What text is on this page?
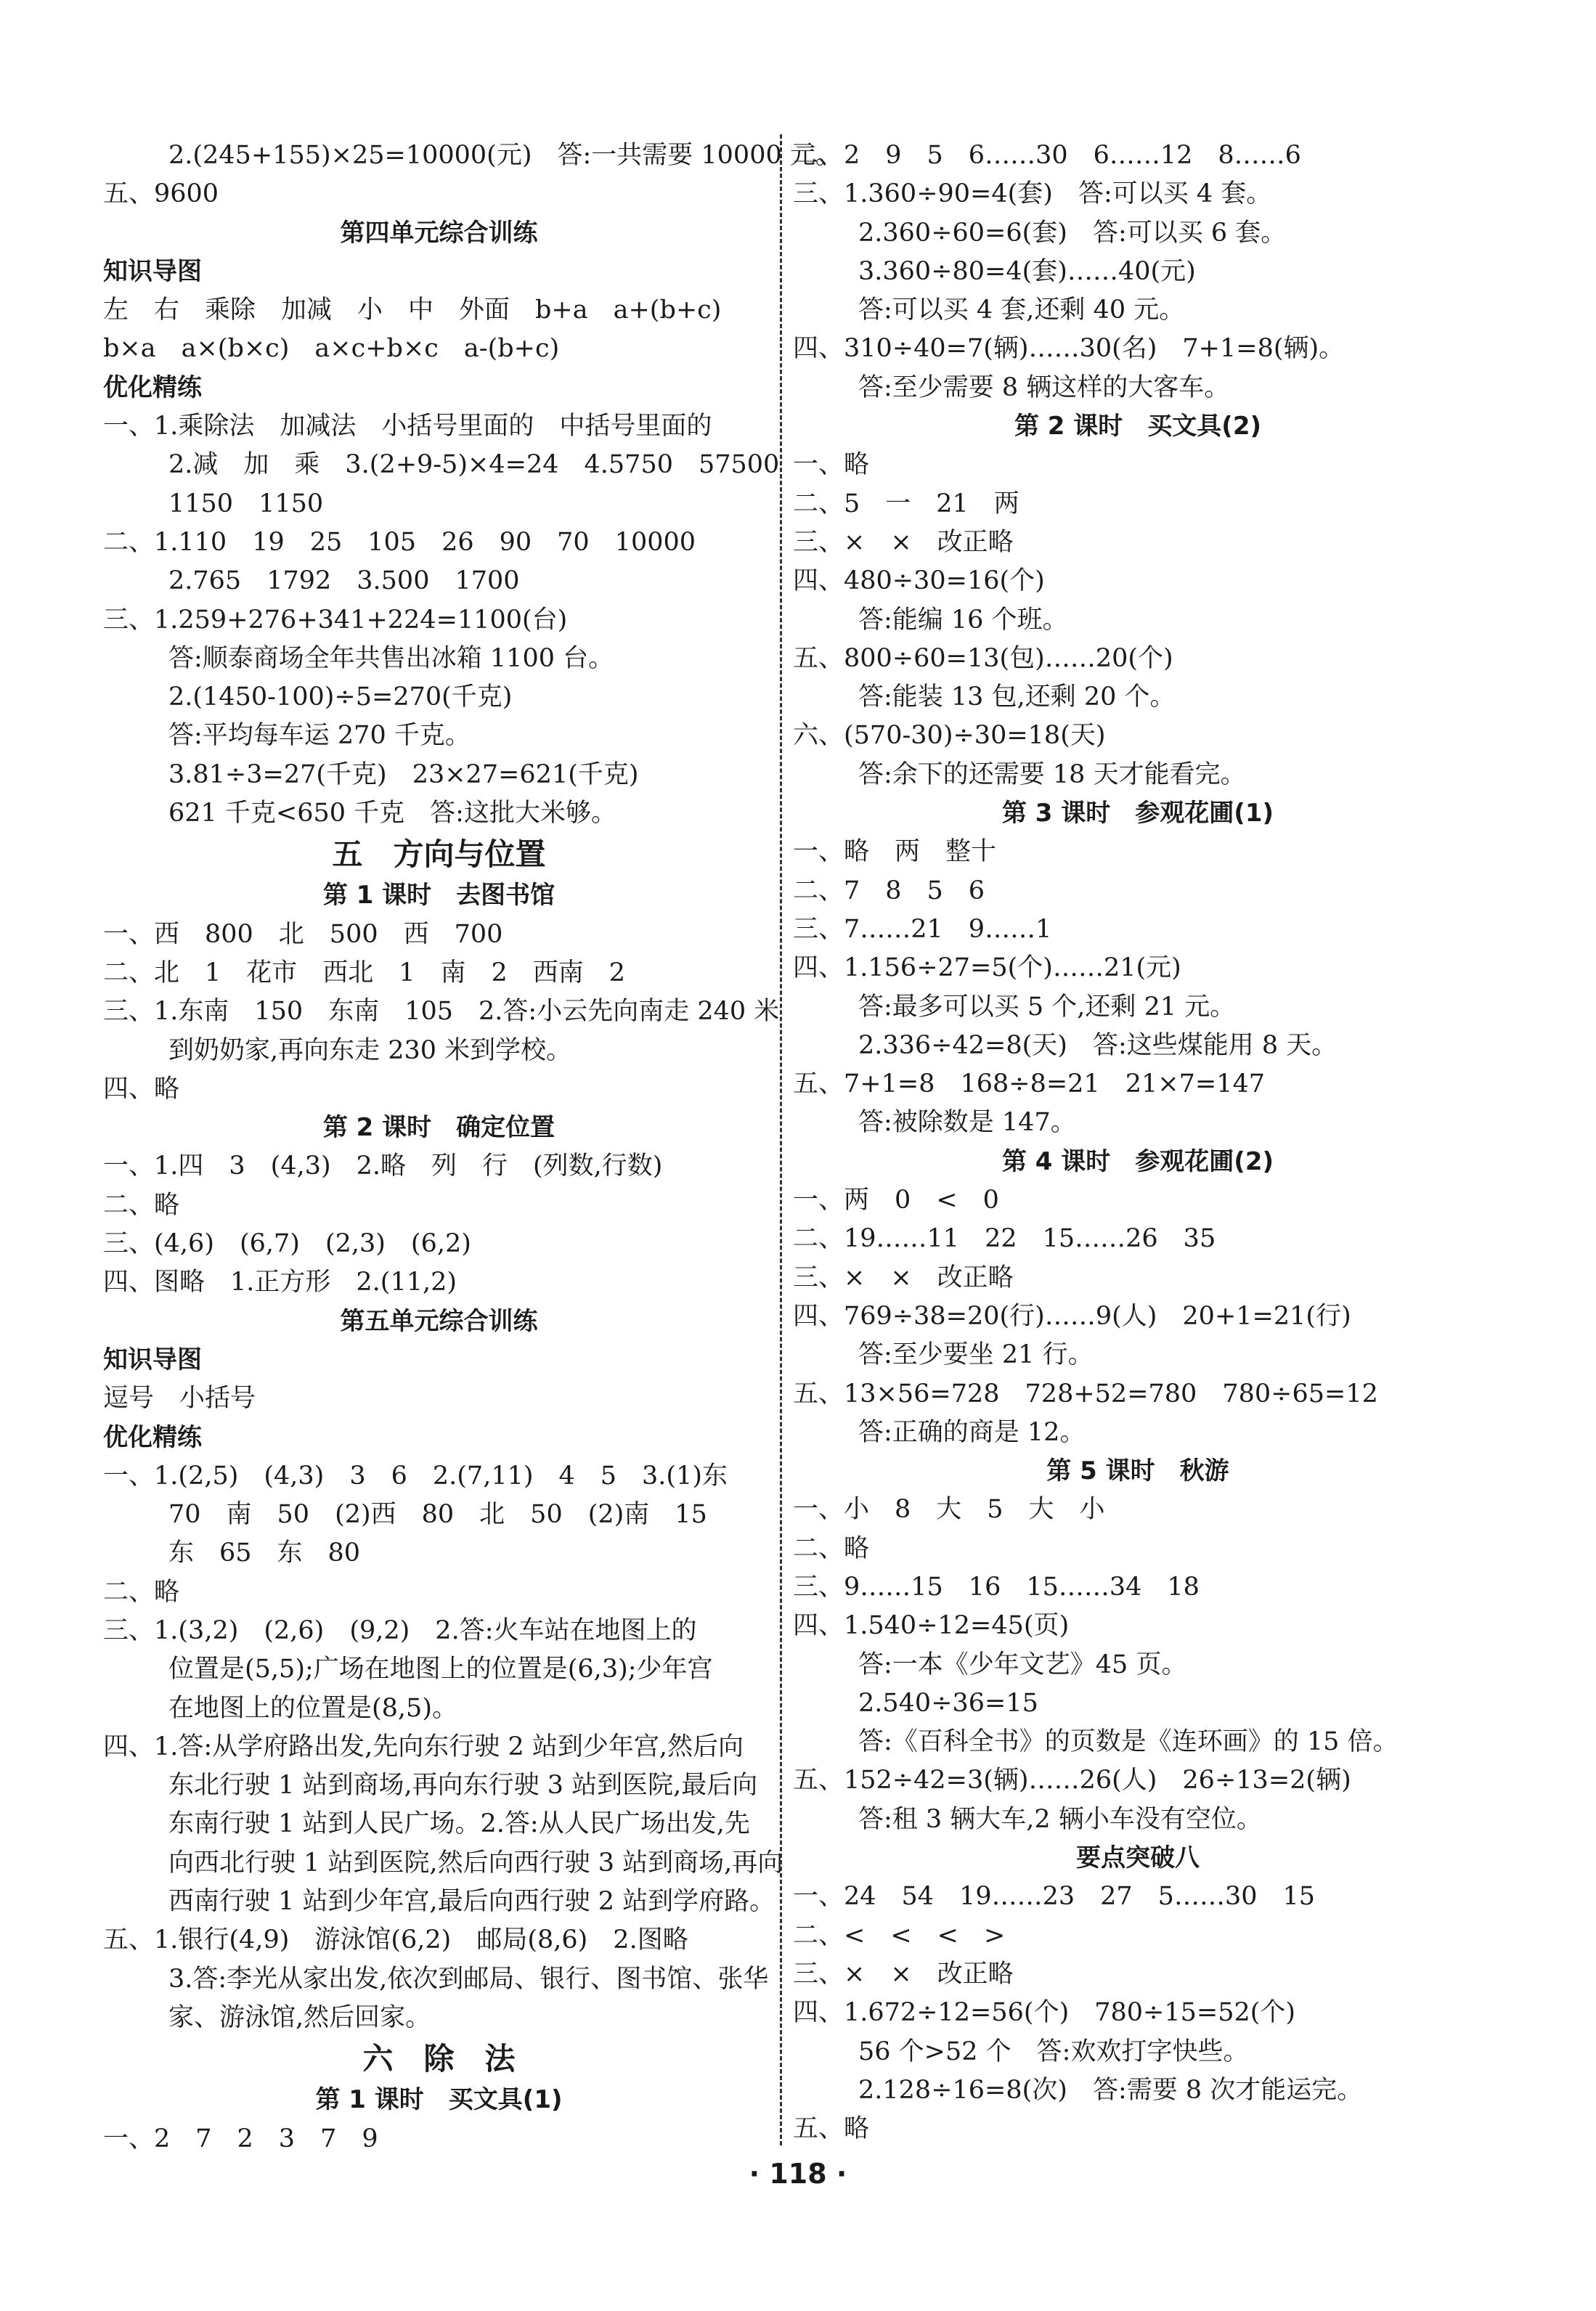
2.(245+155)×25=10000(元)　答:一共需要 10000 元。
五、9600
第四单元综合训练
知识导图
左　右　乘除　加减　小　中　外面　b+a　a+(b+c)
b×a　a×(b×c)　a×c+b×c　a-(b+c)
优化精练
一、1.乘除法　加减法　小括号里面的　中括号里面的
2.减　加　乘　3.(2+9-5)×4=24　4.5750　57500
1150　1150
二、1.110　19　25　105　26　90　70　10000
2.765　1792　3.500　1700
三、1.259+276+341+224=1100(台)
答:顺泰商场全年共售出冰箱 1100 台。
2.(1450-100)÷5=270(千克)
答:平均每车运 270 千克。
3.81÷3=27(千克)　23×27=621(千克)
621 千克<650 千克　答:这批大米够。
五　方向与位置
第 1 课时　去图书馆
一、西　800　北　500　西　700
二、北　1　花市　西北　1　南　2　西南　2
三、1.东南　150　东南　105　2.答:小云先向南走 240 米
到奶奶家,再向东走 230 米到学校。
四、略
第 2 课时　确定位置
一、1.四　3　(4,3)　2.略　列　行　(列数,行数)
二、略
三、(4,6)　(6,7)　(2,3)　(6,2)
四、图略　1.正方形　2.(11,2)
第五单元综合训练
知识导图
逗号　小括号
优化精练
一、1.(2,5)　(4,3)　3　6　2.(7,11)　4　5　3.(1)东
70　南　50　(2)西　80　北　50　(2)南　15
东　65　东　80
二、略
三、1.(3,2)　(2,6)　(9,2)　2.答:火车站在地图上的
位置是(5,5);广场在地图上的位置是(6,3);少年宫
在地图上的位置是(8,5)。
四、1.答:从学府路出发,先向东行驶 2 站到少年宫,然后向
东北行驶 1 站到商场,再向东行驶 3 站到医院,最后向
东南行驶 1 站到人民广场。2.答:从人民广场出发,先
向西北行驶 1 站到医院,然后向西行驶 3 站到商场,再向
西南行驶 1 站到少年宫,最后向西行驶 2 站到学府路。
五、1.银行(4,9)　游泳馆(6,2)　邮局(8,6)　2.图略
3.答:李光从家出发,依次到邮局、银行、图书馆、张华
家、游泳馆,然后回家。
六　除　法
第 1 课时　买文具(1)
一、2　7　2　3　7　9
二、2　9　5　6……30　6……12　8……6
三、1.360÷90=4(套)　答:可以买 4 套。
2.360÷60=6(套)　答:可以买 6 套。
3.360÷80=4(套)……40(元)
答:可以买 4 套,还剩 40 元。
四、310÷40=7(辆)……30(名)　7+1=8(辆)。
答:至少需要 8 辆这样的大客车。
第 2 课时　买文具(2)
一、略
二、5　一　21　两
三、×　×　改正略
四、480÷30=16(个)
答:能编 16 个班。
五、800÷60=13(包)……20(个)
答:能装 13 包,还剩 20 个。
六、(570-30)÷30=18(天)
答:余下的还需要 18 天才能看完。
第 3 课时　参观花圃(1)
一、略　两　整十
二、7　8　5　6
三、7……21　9……1
四、1.156÷27=5(个)……21(元)
答:最多可以买 5 个,还剩 21 元。
2.336÷42=8(天)　答:这些煤能用 8 天。
五、7+1=8　168÷8=21　21×7=147
答:被除数是 147。
第 4 课时　参观花圃(2)
一、两　0　<　0
二、19……11　22　15……26　35
三、×　×　改正略
四、769÷38=20(行)……9(人)　20+1=21(行)
答:至少要坐 21 行。
五、13×56=728　728+52=780　780÷65=12
答:正确的商是 12。
第 5 课时　秋游
一、小　8　大　5　大　小
二、略
三、9……15　16　15……34　18
四、1.540÷12=45(页)
答:一本《少年文艺》45 页。
2.540÷36=15
答:《百科全书》的页数是《连环画》的 15 倍。
五、152÷42=3(辆)……26(人)　26÷13=2(辆)
答:租 3 辆大车,2 辆小车没有空位。
要点突破八
一、24　54　19……23　27　5……30　15
二、<　<　<　>
三、×　×　改正略
四、1.672÷12=56(个)　780÷15=52(个)
56 个>52 个　答:欢欢打字快些。
2.128÷16=8(次)　答:需要 8 次才能运完。
五、略
· 118 ·
